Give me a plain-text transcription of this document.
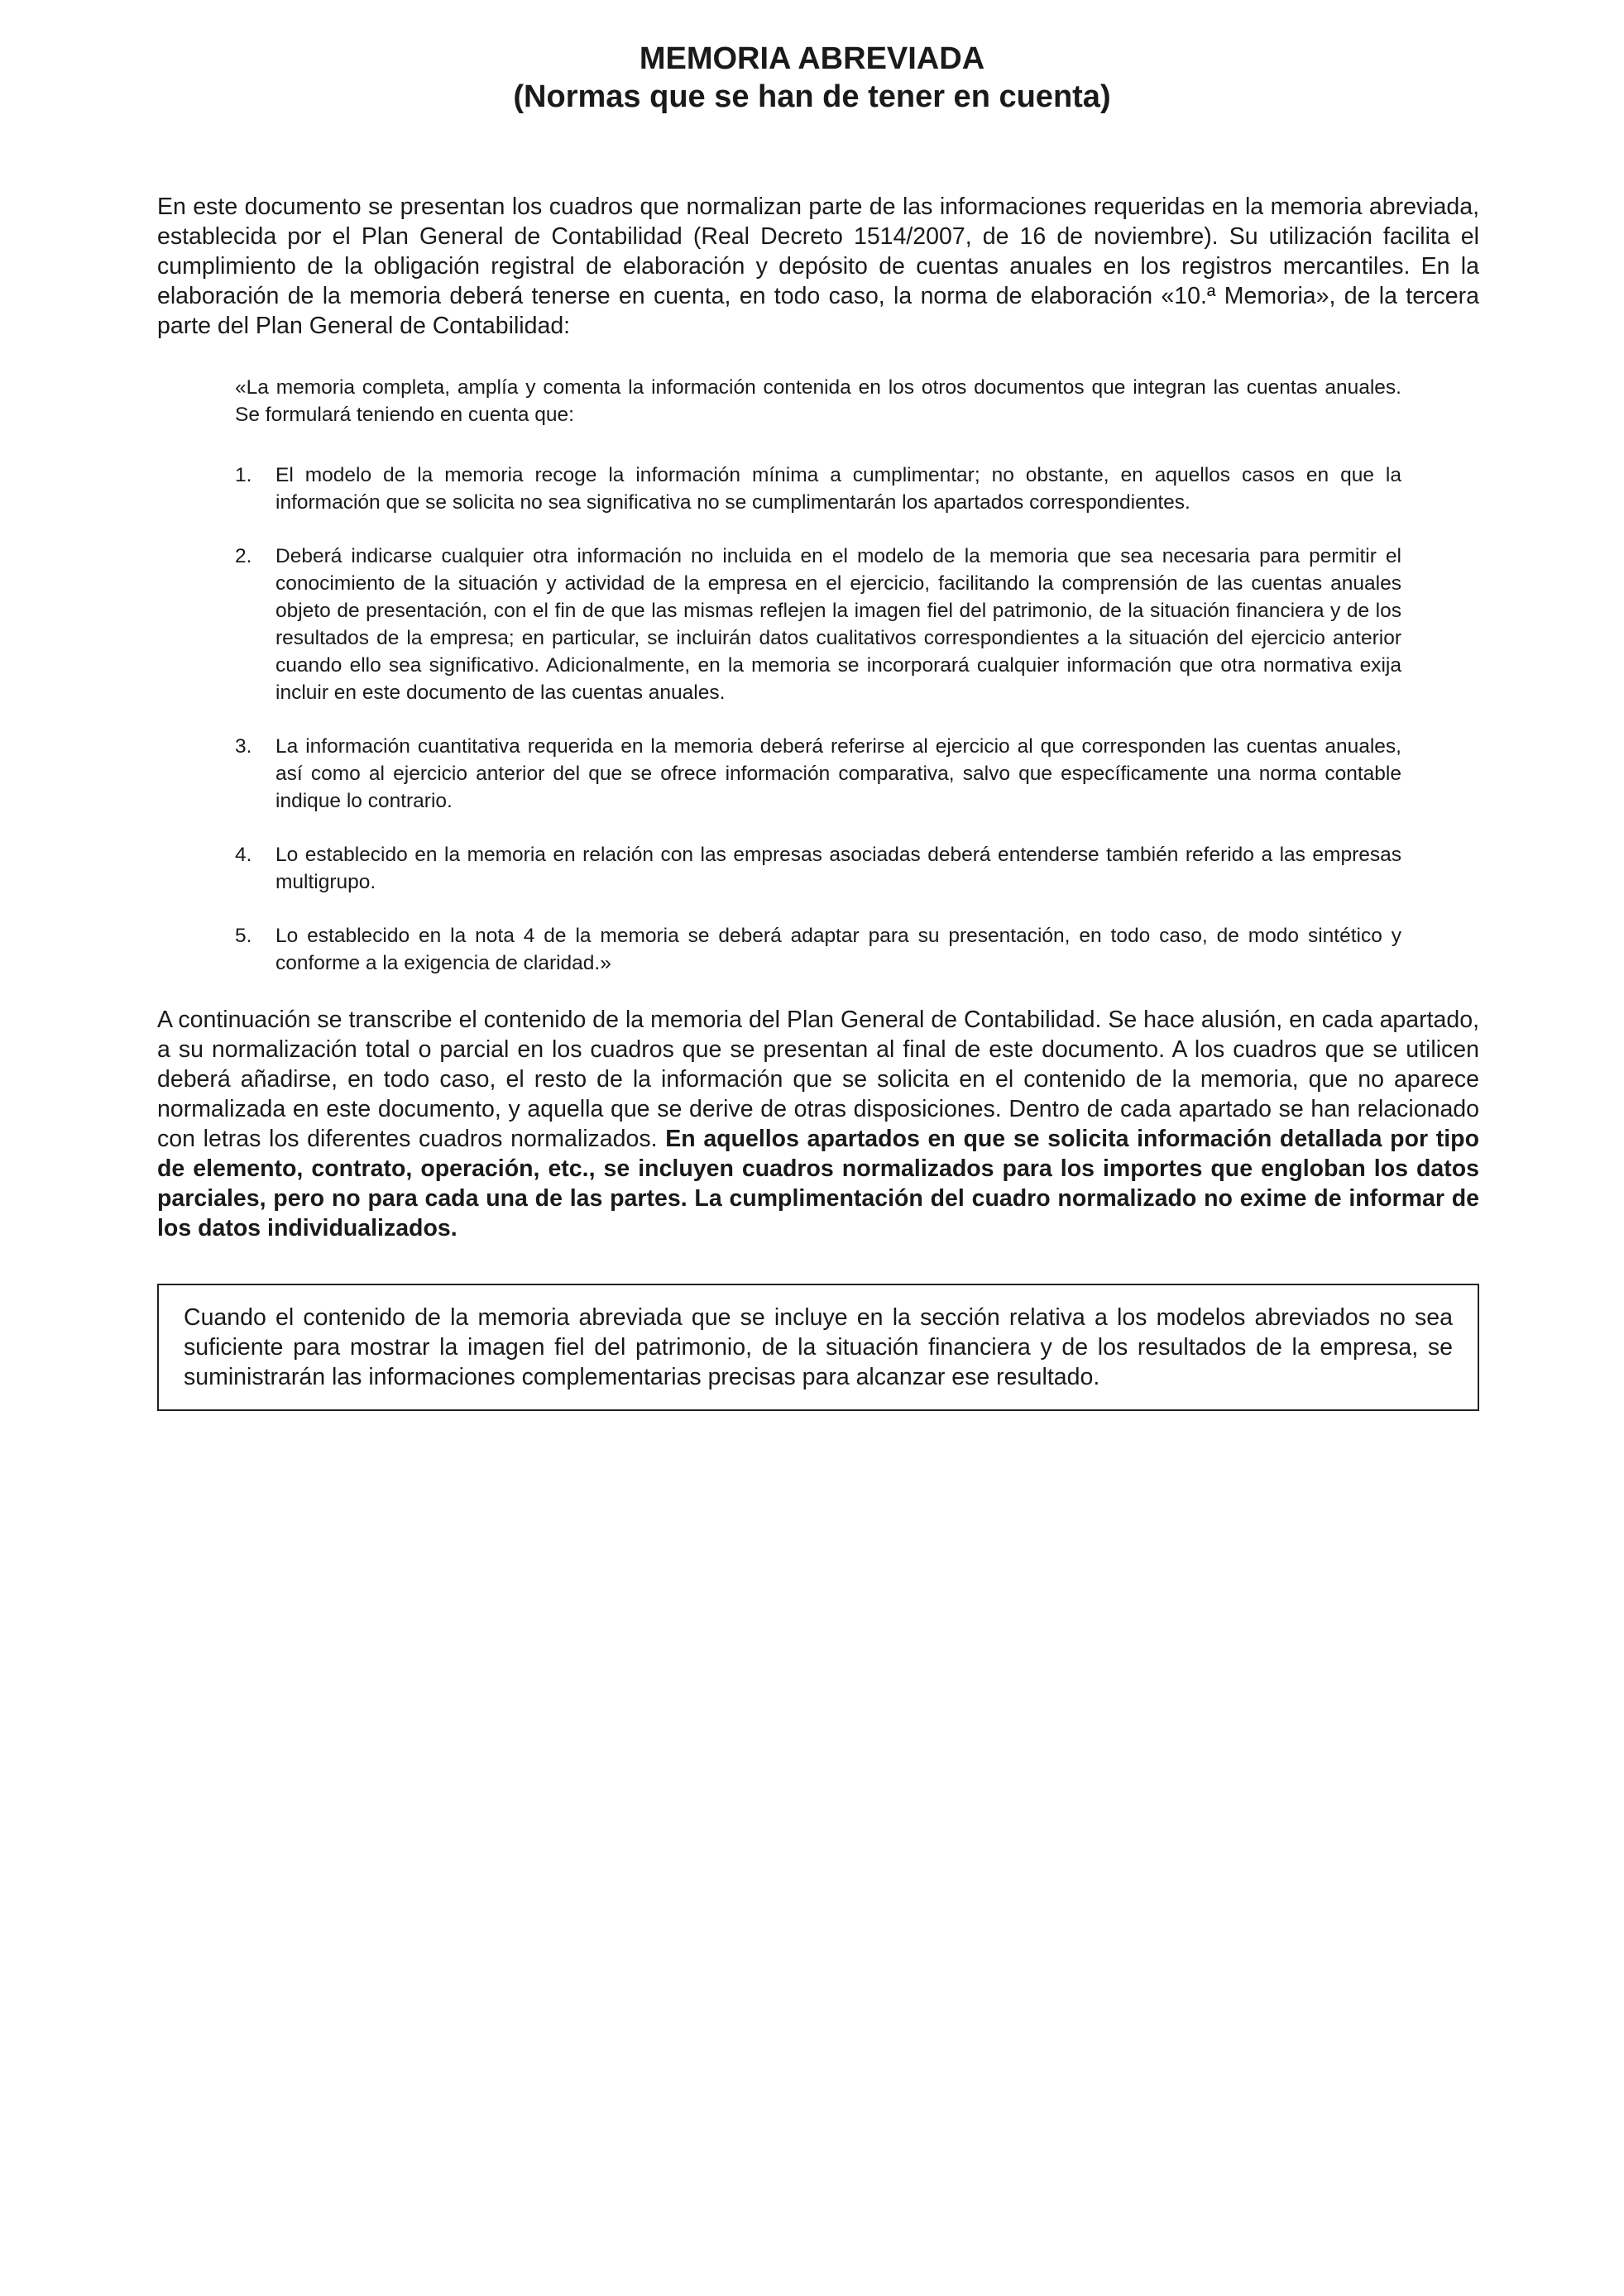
MEMORIA ABREVIADA
(Normas que se han de tener en cuenta)

En este documento se presentan los cuadros que normalizan parte de las informaciones requeridas en la memoria abreviada, establecida por el Plan General de Contabilidad (Real Decreto 1514/2007, de 16 de noviembre). Su utilización facilita el cumplimiento de la obligación registral de elaboración y depósito de cuentas anuales en los registros mercantiles. En la elaboración de la memoria deberá tenerse en cuenta, en todo caso, la norma de elaboración «10.ª Memoria», de la tercera parte del Plan General de Contabilidad:

«La memoria completa, amplía y comenta la información contenida en los otros documentos que integran las cuentas anuales. Se formulará teniendo en cuenta que:

1. El modelo de la memoria recoge la información mínima a cumplimentar; no obstante, en aquellos casos en que la información que se solicita no sea significativa no se cumplimentarán los apartados correspondientes.
2. Deberá indicarse cualquier otra información no incluida en el modelo de la memoria que sea necesaria para permitir el conocimiento de la situación y actividad de la empresa en el ejercicio, facilitando la comprensión de las cuentas anuales objeto de presentación, con el fin de que las mismas reflejen la imagen fiel del patrimonio, de la situación financiera y de los resultados de la empresa; en particular, se incluirán datos cualitativos correspondientes a la situación del ejercicio anterior cuando ello sea significativo. Adicionalmente, en la memoria se incorporará cualquier información que otra normativa exija incluir en este documento de las cuentas anuales.
3. La información cuantitativa requerida en la memoria deberá referirse al ejercicio al que corresponden las cuentas anuales, así como al ejercicio anterior del que se ofrece información comparativa, salvo que específicamente una norma contable indique lo contrario.
4. Lo establecido en la memoria en relación con las empresas asociadas deberá entenderse también referido a las empresas multigrupo.
5. Lo establecido en la nota 4 de la memoria se deberá adaptar para su presentación, en todo caso, de modo sintético y conforme a la exigencia de claridad.»

A continuación se transcribe el contenido de la memoria del Plan General de Contabilidad. Se hace alusión, en cada apartado, a su normalización total o parcial en los cuadros que se presentan al final de este documento. A los cuadros que se utilicen deberá añadirse, en todo caso, el resto de la información que se solicita en el contenido de la memoria, que no aparece normalizada en este documento, y aquella que se derive de otras disposiciones. Dentro de cada apartado se han relacionado con letras los diferentes cuadros normalizados. En aquellos apartados en que se solicita información detallada por tipo de elemento, contrato, operación, etc., se incluyen cuadros normalizados para los importes que engloban los datos parciales, pero no para cada una de las partes. La cumplimentación del cuadro normalizado no exime de informar de los datos individualizados.

Cuando el contenido de la memoria abreviada que se incluye en la sección relativa a los modelos abreviados no sea suficiente para mostrar la imagen fiel del patrimonio, de la situación financiera y de los resultados de la empresa, se suministrarán las informaciones complementarias precisas para alcanzar ese resultado.
